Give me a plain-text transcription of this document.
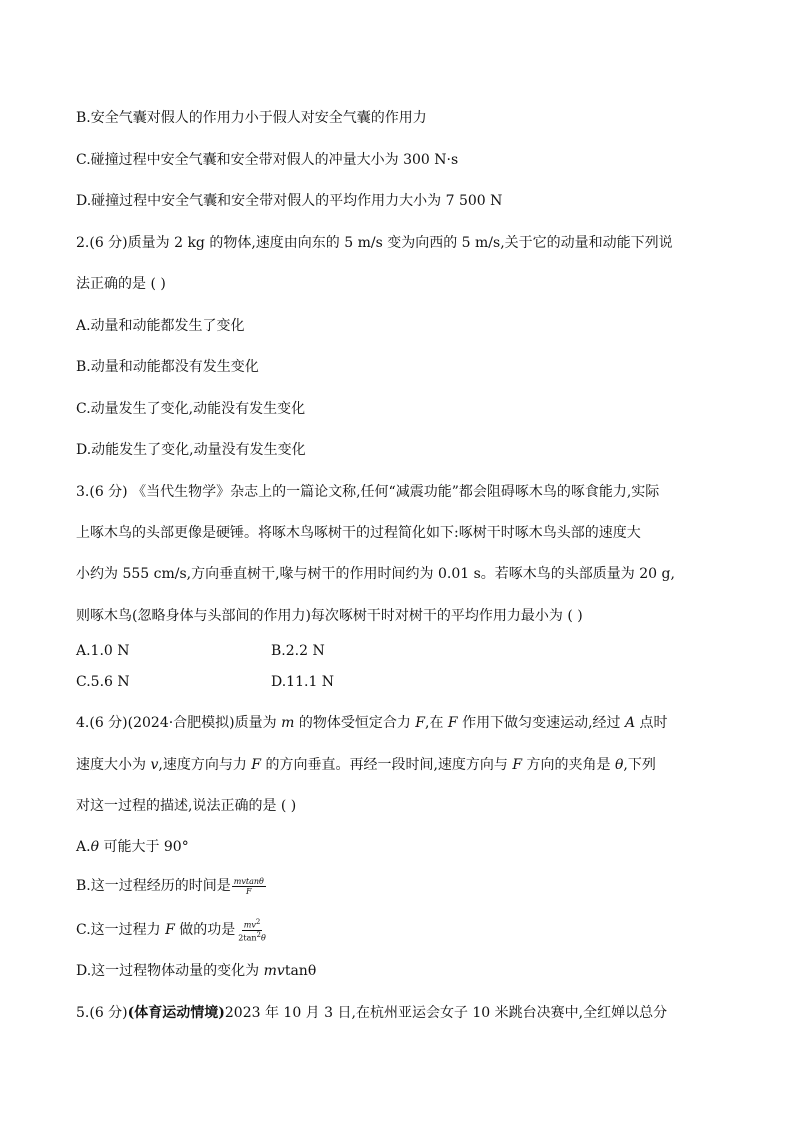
B.安全气囊对假人的作用力小于假人对安全气囊的作用力
C.碰撞过程中安全气囊和安全带对假人的冲量大小为 300 N·s
D.碰撞过程中安全气囊和安全带对假人的平均作用力大小为 7 500 N
2.(6 分)质量为 2 kg 的物体,速度由向东的 5 m/s 变为向西的 5 m/s,关于它的动量和动能下列说
法正确的是 ( )
A.动量和动能都发生了变化
B.动量和动能都没有发生变化
C.动量发生了变化,动能没有发生变化
D.动能发生了变化,动量没有发生变化
3.(6 分) 《当代生物学》杂志上的一篇论文称,任何“减震功能”都会阻碍啄木鸟的啄食能力,实际
上啄木鸟的头部更像是硬锤。将啄木鸟啄树干的过程简化如下:啄树干时啄木鸟头部的速度大
小约为 555 cm/s,方向垂直树干,喙与树干的作用时间约为 0.01 s。若啄木鸟的头部质量为 20 g,
则啄木鸟(忽略身体与头部间的作用力)每次啄树干时对树干的平均作用力最小为 ( )
A.1.0 N	B.2.2 N
C.5.6 N	D.11.1 N
4.(6 分)(2024·合肥模拟)质量为 m 的物体受恒定合力 F,在 F 作用下做匀变速运动,经过 A 点时
速度大小为 v,速度方向与力 F 的方向垂直。再经一段时间,速度方向与 F 方向的夹角是 θ,下列
对这一过程的描述,说法正确的是 ( )
A.θ 可能大于 90°
B.这一过程经历的时间是 $\frac{mvtan\theta}{F}$
C.这一过程力 F 做的功是 $\frac{mv^2}{2\tan^2\theta}$
D.这一过程物体动量的变化为 mvtanθ
5.(6 分)(体育运动情境)2023 年 10 月 3 日,在杭州亚运会女子 10 米跳台决赛中,全红婵以总分
